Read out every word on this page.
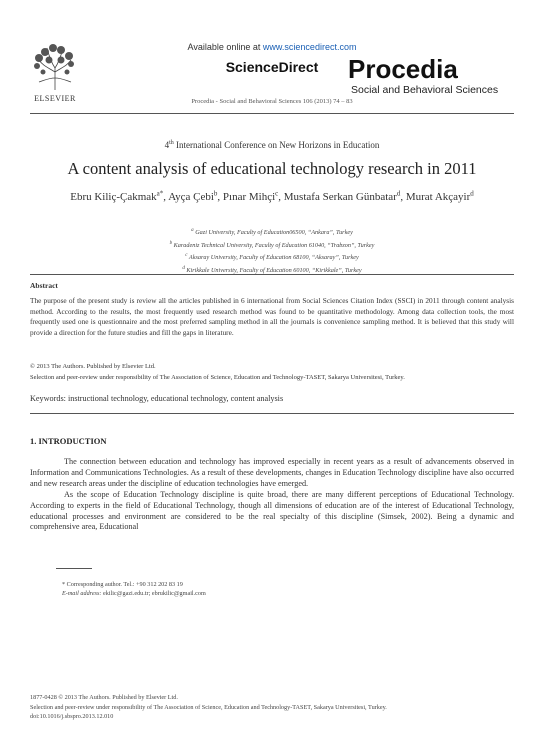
Available online at www.sciencedirect.com
ScienceDirect
Procedia - Social and Behavioral Sciences 106 (2013) 74 – 83
ELSEVIER
Procedia
Social and Behavioral Sciences
4th International Conference on New Horizons in Education
A content analysis of educational technology research in 2011
Ebru Kiliç-Çakmak$^{a*}$, Ayça Çebi$^b$, Pınar Mihçi$^c$, Mustafa Serkan Günbatar$^d$, Murat Akçayir$^d$
$^a$ Gazi University, Faculty of Education06500, “Ankara”, Turkey
$^b$ Karadeniz Technical University, Faculty of Education 61040, “Trabzon”, Turkey
$^c$ Aksaray University, Faculty of Education 68100, “Aksaray”, Turkey
$^d$ Kirikkale University, Faculty of Education 60100, “Kirikkale”, Turkey
Abstract
The purpose of the present study is review all the articles published in 6 international from Social Sciences Citation Index (SSCI) in 2011 through content analysis method. According to the results, the most frequently used research method was found to be quantitative methodology. Among data collection tools, the most frequently used one is questionnaire and the most preferred sampling method in all the journals is convenience sampling method. It is believed that this study will provide a direction for the future studies and fill the gaps in literature.
© 2013 The Authors. Published by Elsevier Ltd.
Selection and peer-review under responsibility of The Association of Science, Education and Technology-TASET, Sakarya Universitesi, Turkey.
Keywords: instructional technology, educational technology, content analysis
1. INTRODUCTION

The connection between education and technology has improved especially in recent years as a result of advancements observed in Information and Communications Technologies. As a result of these developments, changes in Education Technology discipline have also occurred and new research areas under the discipline of education technologies have emerged.

As the scope of Education Technology discipline is quite broad, there are many different perceptions of Educational Technology. According to experts in the field of Educational Technology, though all dimensions of education are of the interest of Educational Technology, educational processes and environment are considered to be the real specialty of this discipline (Simsek, 2002). Being a dynamic and comprehensive area, Educational

* Corresponding author. Tel.: +90 312 202 83 19
E-mail address: ekilic@gazi.edu.tr; ebrukilic@gmail.com
1877-0428 © 2013 The Authors. Published by Elsevier Ltd.
Selection and peer-review under responsibility of The Association of Science, Education and Technology-TASET, Sakarya Universitesi, Turkey.
doi:10.1016/j.sbspro.2013.12.010
